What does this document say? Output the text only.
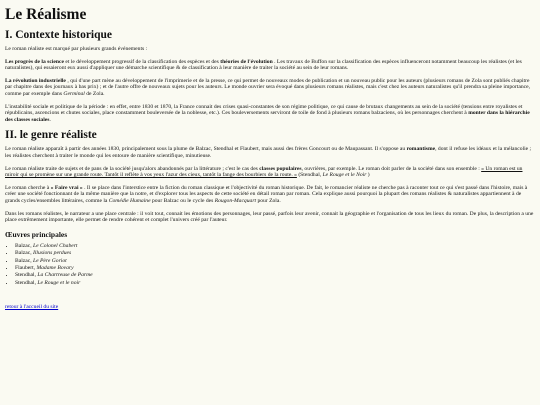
Le Réalisme
I. Contexte historique

Le roman réaliste est marqué par plusieurs grands événements :

Les progrès de la science et le développement progressif de la classification des espèces et des théories de l'évolution . Les travaux de Buffon sur la classification des espèces influenceront notamment beaucoup les réalistes (et les naturalistes), qui essaieront eux aussi d'appliquer une démarche scientifique & de classification à leur manière de traiter la société au sein de leur romans.

La révolution industrielle , qui d'une part mène au développement de l'imprimerie et de la presse, ce qui permet de nouveaux modes de publication et un nouveau public pour les auteurs (plusieurs romans de Zola sont publiés chapitre par chapitre dans des journaux à bas prix) ; et de l'autre offre de nouveaux sujets pour les auteurs. Le monde ouvrier sera évoqué dans plusieurs romans réalistes, mais c'est chez les auteurs naturalistes qu'il prendra sa pleine importance, comme par exemple dans Germinal de Zola.

L'instabilité sociale et politique de la période : en effet, entre 1830 et 1870, la France connait des crises quasi-constantes de son régime politique, ce qui cause de brutaux changements au sein de la société (tensions entre royalistes et républicains, ascencions et chutes sociales, place constamment bouleversée de la noblesse, etc.). Ces bouleversements serviront de toile de fond à plusieurs romans balzaciens, où les personnages cherchent à monter dans la hiérarchie des classes sociales.

II. le genre réaliste

Le roman réaliste apparaît à partir des années 1830, principalement sous la plume de Balzac, Stendhal et Flaubert, mais aussi des frères Goncourt ou de Maupassant. Il s'oppose au romantisme, dont il refuse les idéaux et la mélancolie ; les réalistes cherchent à traiter le monde qui les entoure de manière scientifique, minutieuse.

Le roman réaliste traite de sujets et de pans de la société jusqu'alors abandonnés par la littérature ; c'est le cas des classes populaires, ouvrières, par exemple. Le roman doit parler de la société dans son ensemble : « Un roman est un miroir qui se promène sur une grande route. Tantôt il reflète à vos yeux l'azur des cieux, tantôt la fange des bourbiers de la route. » (Stendhal, Le Rouge et le Noir )

Le roman cherche à « Faire vrai » . Il se place dans l'interstice entre la fiction du roman classique et l'objectivité du roman historique. De fait, le romancier réaliste ne cherche pas à raconter tout ce qui s'est passé dans l'histoire, mais à créer une société fonctionnant de la même manière que la notre, et d'explorer tous les aspects de cette société en détail roman par roman. Cela explique aussi pourquoi la plupart des romans réalistes & naturalistes appartiennent à de grands cycles/ensembles littéraires, comme la Comédie Humaine pour Balzac ou le cycle des Rougon-Macquart pour Zola.

Dans les romans réalistes, le narrateur a une place centrale : il voit tout, connait les émotions des personnages, leur passé, parfois leur avenir, connait la géographie et l'organisation de tous les lieux du roman. De plus, la description a une place extrêmement importante, elle permet de rendre cohérent et complet l'univers créé par l'auteur.

Œuvres principales
• Balzac, Le Colonel Chabert
• Balzac, Illusions perdues
• Balzac, Le Père Goriot
• Flaubert, Madame Bovary
• Stendhal, La Chartreuse de Parme
• Stendhal, Le Rouge et le noir
retour à l'accueil du site
